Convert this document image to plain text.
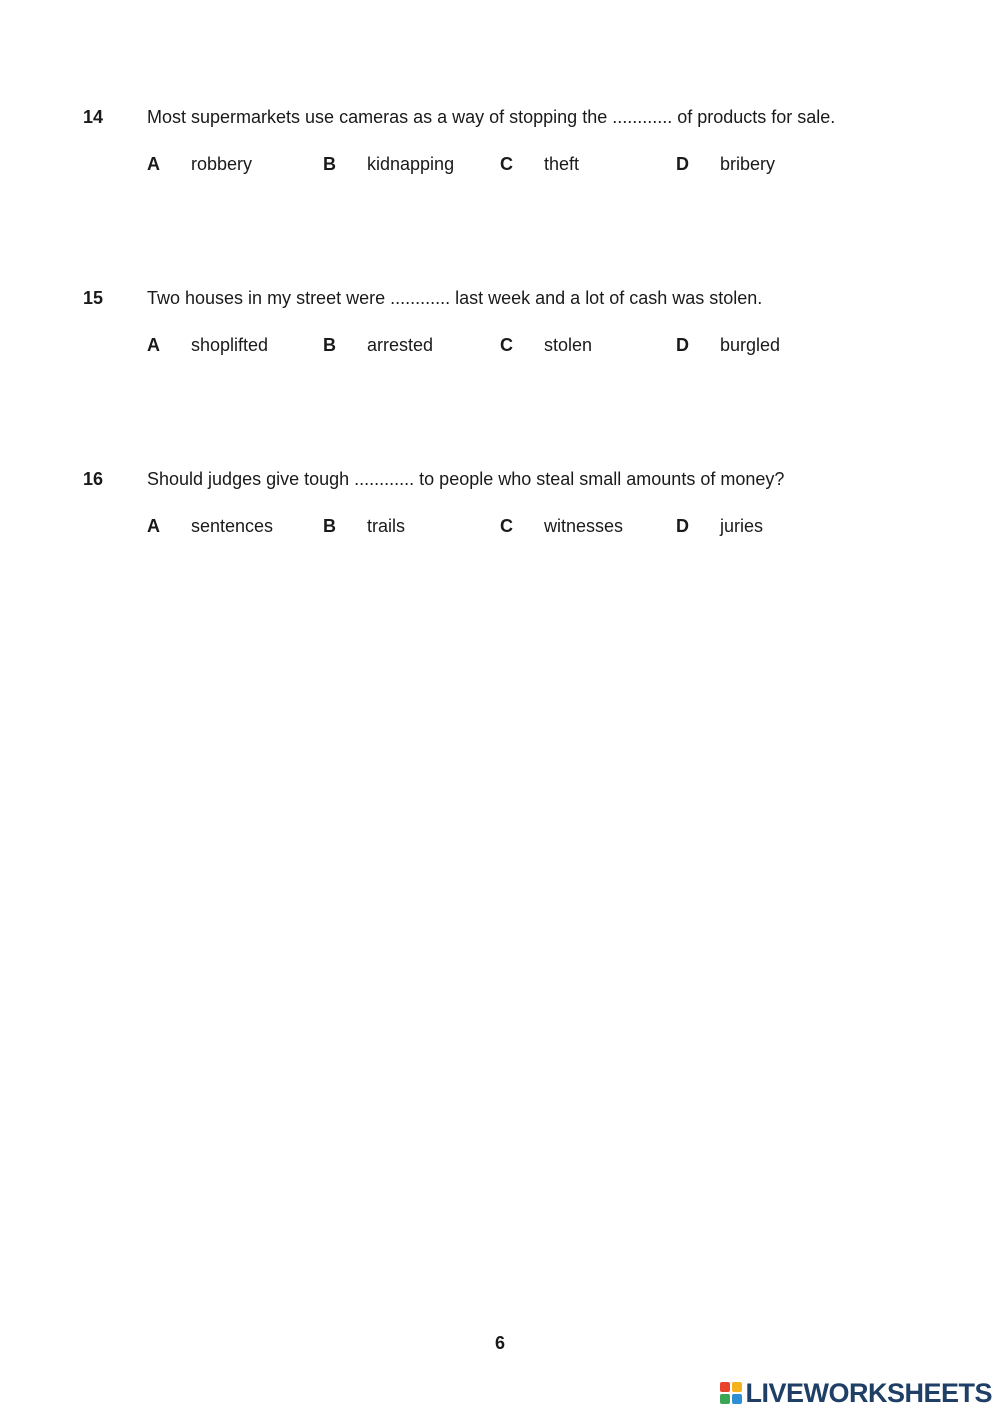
14 Most supermarkets use cameras as a way of stopping the ............ of products for sale.
A robbery	B kidnapping	C theft	D bribery
15 Two houses in my street were ............ last week and a lot of cash was stolen.
A shoplifted	B arrested	C stolen	D burgled
16 Should judges give tough ............ to people who steal small amounts of money?
A sentences	B trails	C witnesses	D juries
6
LIVEWORKSHEETS
